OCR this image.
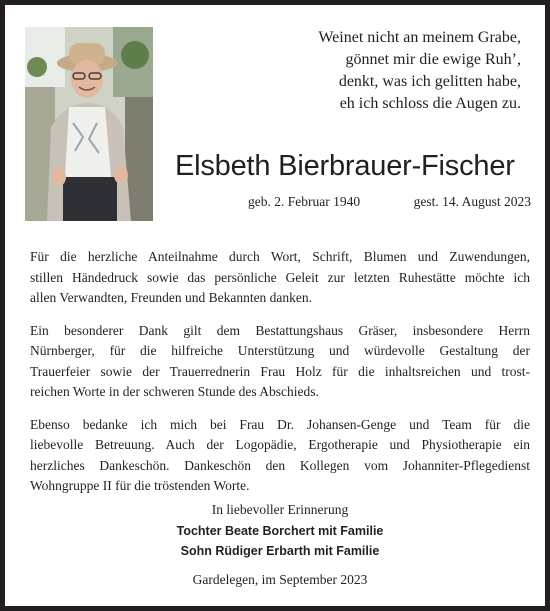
Weinet nicht an meinem Grabe,
gönnet mir die ewige Ruh’,
denkt, was ich gelitten habe,
eh ich schloss die Augen zu.
Elsbeth Bierbrauer-Fischer
geb. 2. Februar 1940	gest. 14. August 2023
Für die herzliche Anteilnahme durch Wort, Schrift, Blumen und Zuwendungen,
stillen Händedruck sowie das persönliche Geleit zur letzten Ruhestätte möchte ich
allen Verwandten, Freunden und Bekannten danken.
Ein besonderer Dank gilt dem Bestattungshaus Gräser, insbesondere Herrn
Nürnberger, für die hilfreiche Unterstützung und würdevolle Gestaltung der
Trauerfeier sowie der Trauerrednerin Frau Holz für die inhaltsreichen und trost-
reichen Worte in der schweren Stunde des Abschieds.
Ebenso bedanke ich mich bei Frau Dr. Johansen-Genge und Team für die
liebevolle Betreuung. Auch der Logopädie, Ergotherapie und Physiotherapie ein
herzliches Dankeschön. Dankeschön den Kollegen vom Johanniter-Pflegedienst
Wohngruppe II für die tröstenden Worte.
In liebevoller Erinnerung
Tochter Beate Borchert mit Familie
Sohn Rüdiger Erbarth mit Familie
Gardelegen, im September 2023
